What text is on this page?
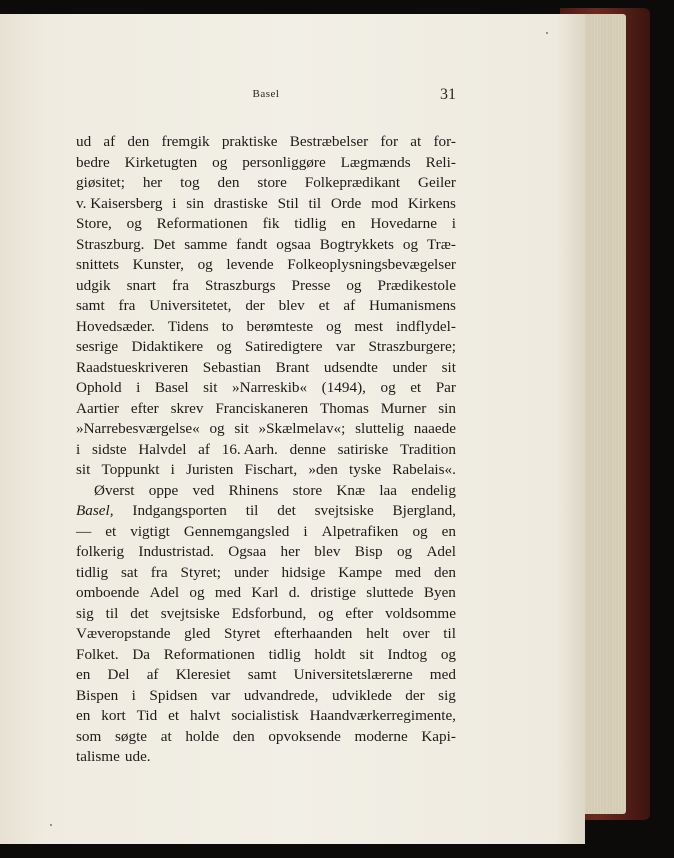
Basel	31
ud af den fremgik praktiske Bestræbelser for at for-
bedre Kirketugten og personliggøre Lægmænds Reli-
giøsitet; her tog den store Folkeprædikant Geiler
v. Kaisersberg i sin drastiske Stil til Orde mod Kirkens
Store, og Reformationen fik tidlig en Hovedarne i
Straszburg. Det samme fandt ogsaa Bogtrykkets og Træ-
snittets Kunster, og levende Folkeoplysningsbevægelser
udgik snart fra Straszburgs Presse og Prædikestole
samt fra Universitetet, der blev et af Humanismens
Hovedsæder. Tidens to berømteste og mest indflydel-
sesrige Didaktikere og Satiredigtere var Straszburgere;
Raadstueskriveren Sebastian Brant udsendte under sit
Ophold i Basel sit »Narreskib« (1494), og et Par
Aartier efter skrev Franciskaneren Thomas Murner sin
»Narrebesværgelse« og sit »Skælmelav«; sluttelig naaede
i sidste Halvdel af 16. Aarh. denne satiriske Tradition
sit Toppunkt i Juristen Fischart, »den tyske Rabelais«.
Øverst oppe ved Rhinens store Knæ laa endelig
Basel, Indgangsporten til det svejtsiske Bjergland,
— et vigtigt Gennemgangsled i Alpetrafiken og en
folkerig Industristad. Ogsaa her blev Bisp og Adel
tidlig sat fra Styret; under hidsige Kampe med den
omboende Adel og med Karl d. dristige sluttede Byen
sig til det svejtsiske Edsforbund, og efter voldsomme
Væveropstande gled Styret efterhaanden helt over til
Folket. Da Reformationen tidlig holdt sit Indtog og
en Del af Kleresiet samt Universitetslærerne med
Bispen i Spidsen var udvandrede, udviklede der sig
en kort Tid et halvt socialistisk Haandværkerregimente,
som søgte at holde den opvoksende moderne Kapi-
talisme ude.
